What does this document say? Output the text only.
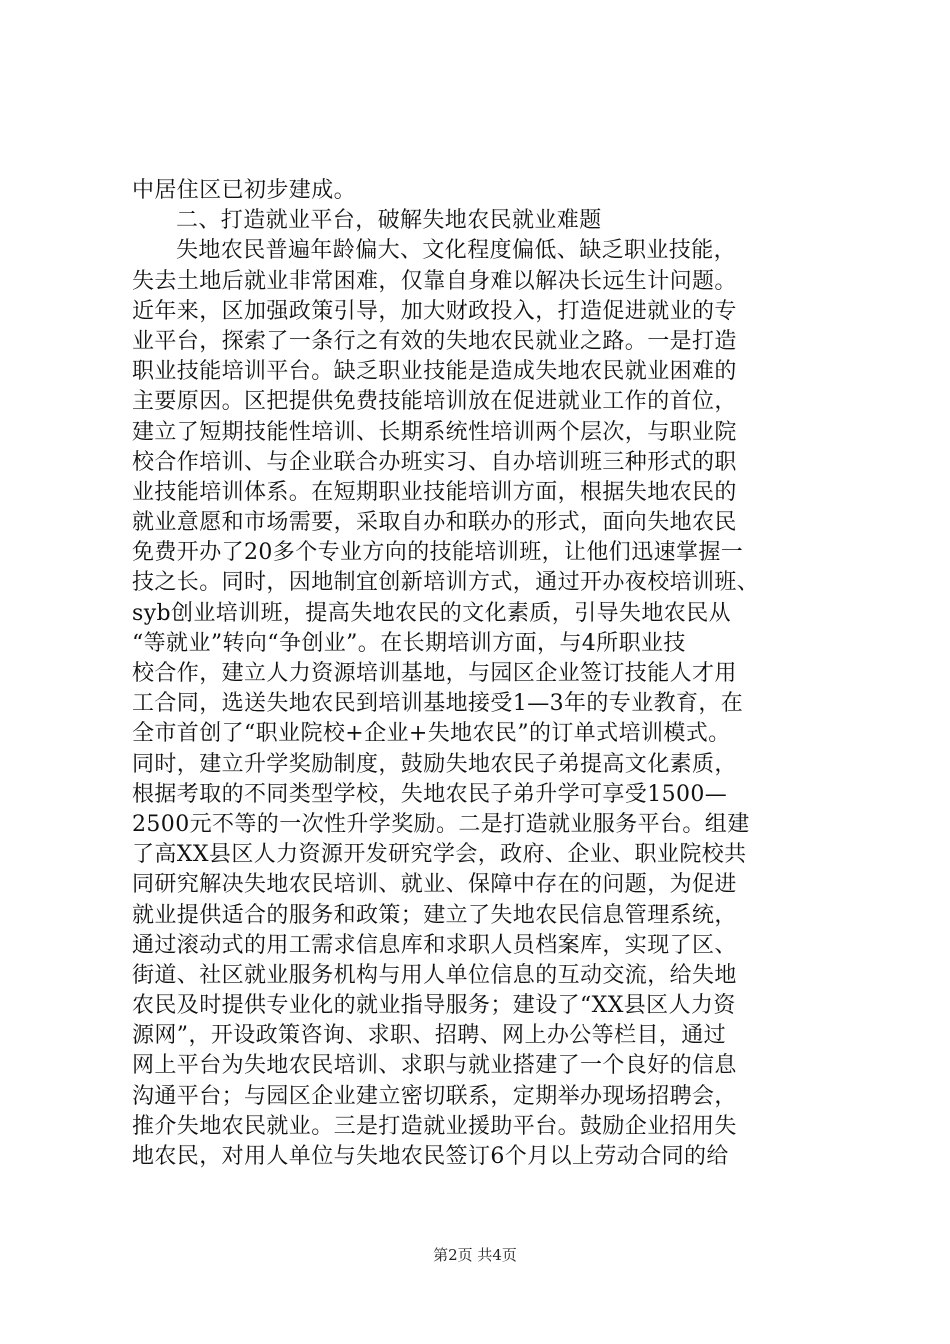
中居住区已初步建成。
二、打造就业平台，破解失地农民就业难题
失地农民普遍年龄偏大、文化程度偏低、缺乏职业技能，
失去土地后就业非常困难，仅靠自身难以解决长远生计问题。
近年来，区加强政策引导，加大财政投入，打造促进就业的专
业平台，探索了一条行之有效的失地农民就业之路。一是打造
职业技能培训平台。缺乏职业技能是造成失地农民就业困难的
主要原因。区把提供免费技能培训放在促进就业工作的首位，
建立了短期技能性培训、长期系统性培训两个层次，与职业院
校合作培训、与企业联合办班实习、自办培训班三种形式的职
业技能培训体系。在短期职业技能培训方面，根据失地农民的
就业意愿和市场需要，采取自办和联办的形式，面向失地农民
免费开办了20多个专业方向的技能培训班，让他们迅速掌握一
技之长。同时，因地制宜创新培训方式，通过开办夜校培训班、
syb创业培训班，提高失地农民的文化素质，引导失地农民从
“等就业”转向“争创业”。在长期培训方面，与4所职业技
校合作，建立人力资源培训基地，与园区企业签订技能人才用
工合同，选送失地农民到培训基地接受1—3年的专业教育，在
全市首创了“职业院校+企业+失地农民”的订单式培训模式。
同时，建立升学奖励制度，鼓励失地农民子弟提高文化素质，
根据考取的不同类型学校，失地农民子弟升学可享受1500—
2500元不等的一次性升学奖励。二是打造就业服务平台。组建
了高XX县区人力资源开发研究学会，政府、企业、职业院校共
同研究解决失地农民培训、就业、保障中存在的问题，为促进
就业提供适合的服务和政策；建立了失地农民信息管理系统，
通过滚动式的用工需求信息库和求职人员档案库，实现了区、
街道、社区就业服务机构与用人单位信息的互动交流，给失地
农民及时提供专业化的就业指导服务；建设了“XX县区人力资
源网”，开设政策咨询、求职、招聘、网上办公等栏目，通过
网上平台为失地农民培训、求职与就业搭建了一个良好的信息
沟通平台；与园区企业建立密切联系，定期举办现场招聘会，
推介失地农民就业。三是打造就业援助平台。鼓励企业招用失
地农民，对用人单位与失地农民签订6个月以上劳动合同的给
第2页 共4页
